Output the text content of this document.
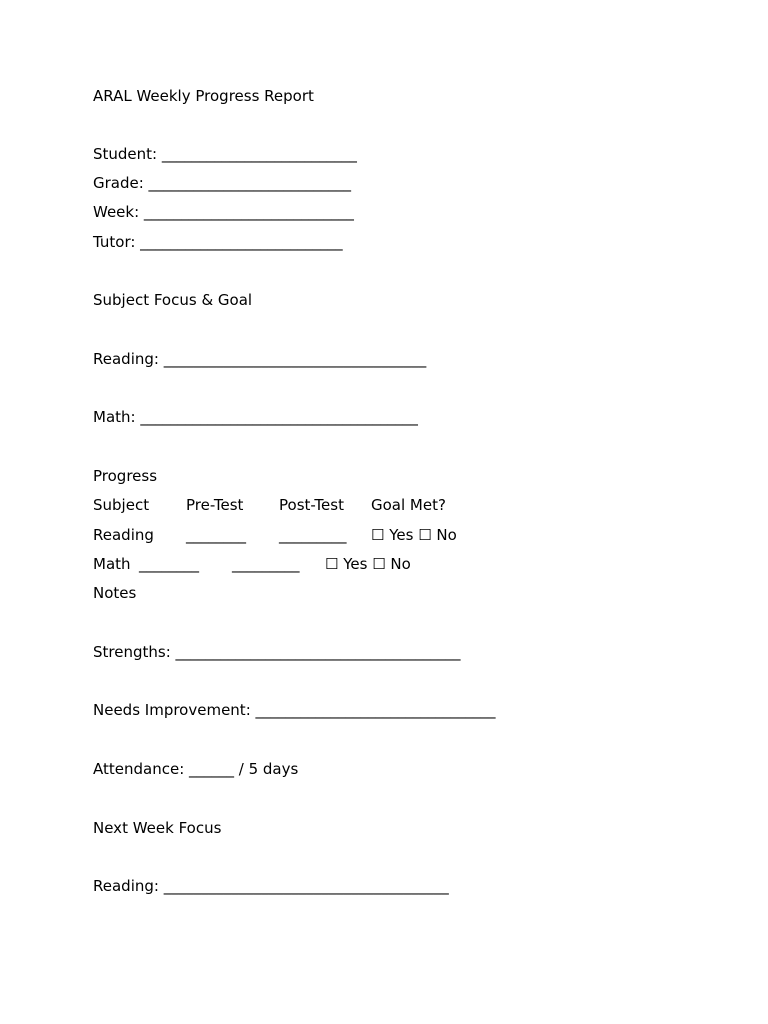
ARAL Weekly Progress Report
Student: __________________________
Grade: ___________________________
Week: ____________________________
Tutor: ___________________________
Subject Focus & Goal
Reading: ___________________________________
Math: _____________________________________
Progress
Subject Pre-Test Post-Test Goal Met?
Reading ________ _________ ☐ Yes ☐ No
Math ________ _________ ☐ Yes ☐ No
Notes
Strengths: ______________________________________
Needs Improvement: ________________________________
Attendance: ______ / 5 days
Next Week Focus
Reading: ______________________________________
